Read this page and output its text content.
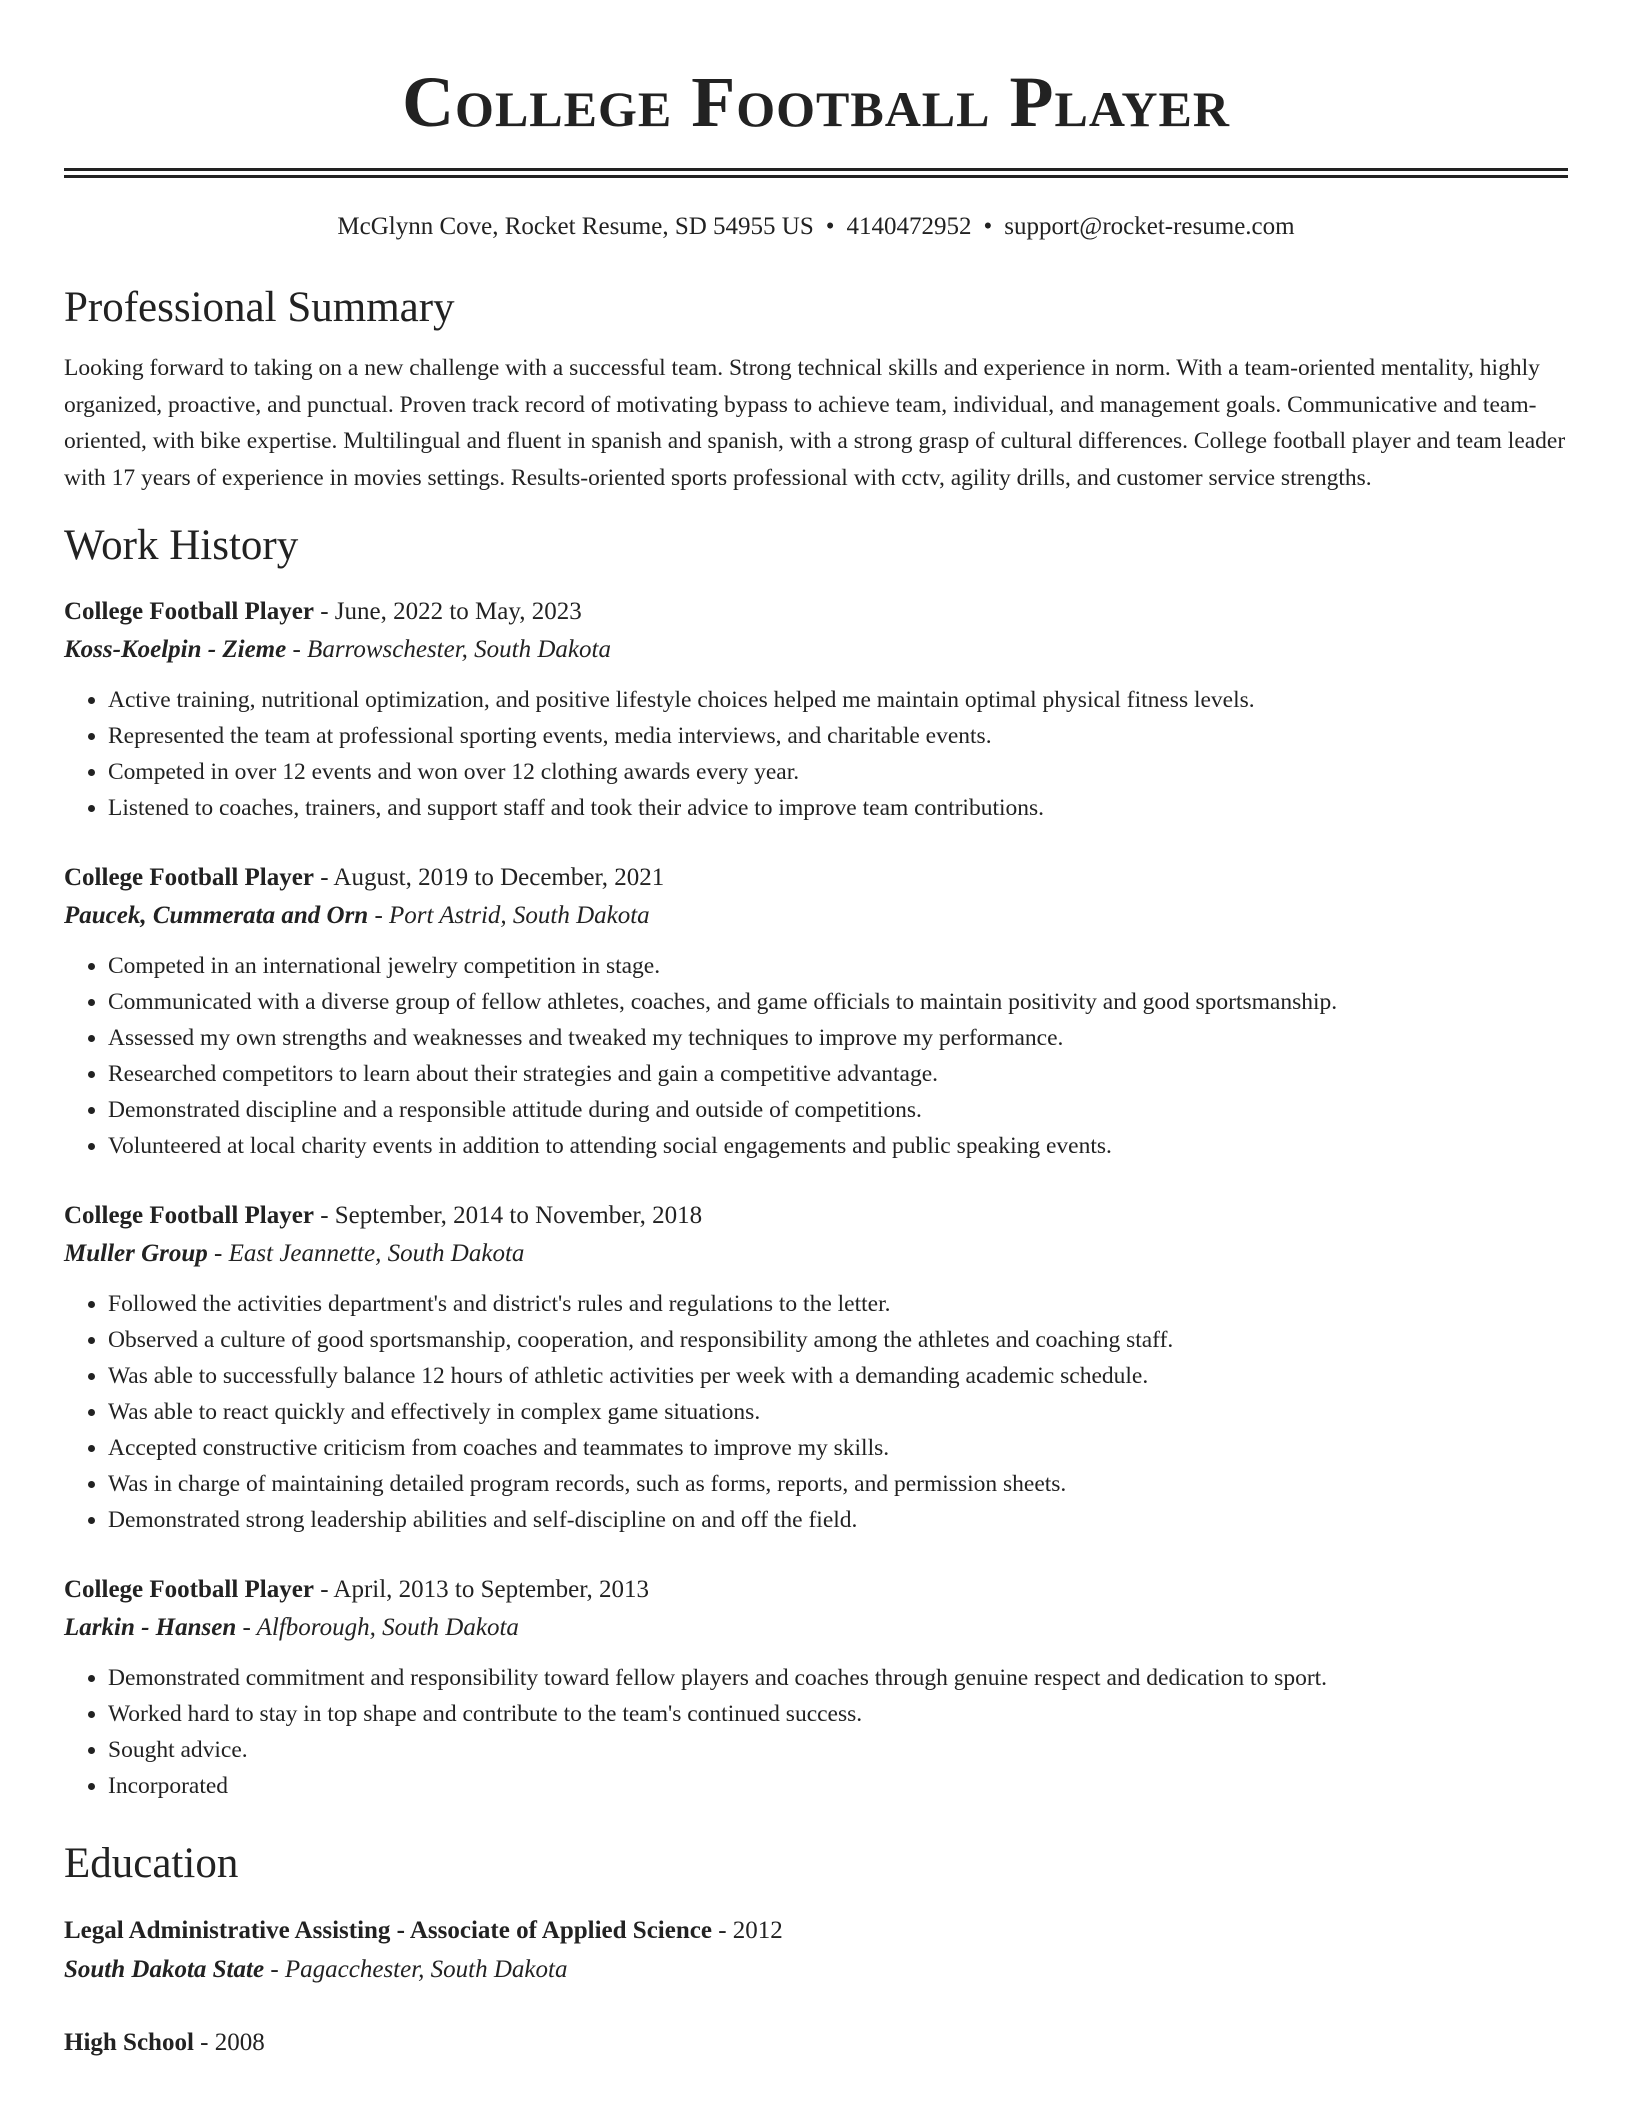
College Football Player
McGlynn Cove, Rocket Resume, SD 54955 US • 4140472952 • support@rocket-resume.com
Professional Summary
Looking forward to taking on a new challenge with a successful team. Strong technical skills and experience in norm. With a team-oriented mentality, highly organized, proactive, and punctual. Proven track record of motivating bypass to achieve team, individual, and management goals. Communicative and team-oriented, with bike expertise. Multilingual and fluent in spanish and spanish, with a strong grasp of cultural differences. College football player and team leader with 17 years of experience in movies settings. Results-oriented sports professional with cctv, agility drills, and customer service strengths.
Work History
College Football Player - June, 2022 to May, 2023
Koss-Koelpin - Zieme - Barrowschester, South Dakota
• Active training, nutritional optimization, and positive lifestyle choices helped me maintain optimal physical fitness levels.
• Represented the team at professional sporting events, media interviews, and charitable events.
• Competed in over 12 events and won over 12 clothing awards every year.
• Listened to coaches, trainers, and support staff and took their advice to improve team contributions.
College Football Player - August, 2019 to December, 2021
Paucek, Cummerata and Orn - Port Astrid, South Dakota
• Competed in an international jewelry competition in stage.
• Communicated with a diverse group of fellow athletes, coaches, and game officials to maintain positivity and good sportsmanship.
• Assessed my own strengths and weaknesses and tweaked my techniques to improve my performance.
• Researched competitors to learn about their strategies and gain a competitive advantage.
• Demonstrated discipline and a responsible attitude during and outside of competitions.
• Volunteered at local charity events in addition to attending social engagements and public speaking events.
College Football Player - September, 2014 to November, 2018
Muller Group - East Jeannette, South Dakota
• Followed the activities department's and district's rules and regulations to the letter.
• Observed a culture of good sportsmanship, cooperation, and responsibility among the athletes and coaching staff.
• Was able to successfully balance 12 hours of athletic activities per week with a demanding academic schedule.
• Was able to react quickly and effectively in complex game situations.
• Accepted constructive criticism from coaches and teammates to improve my skills.
• Was in charge of maintaining detailed program records, such as forms, reports, and permission sheets.
• Demonstrated strong leadership abilities and self-discipline on and off the field.
College Football Player - April, 2013 to September, 2013
Larkin - Hansen - Alfborough, South Dakota
• Demonstrated commitment and responsibility toward fellow players and coaches through genuine respect and dedication to sport.
• Worked hard to stay in top shape and contribute to the team's continued success.
• Sought advice.
• Incorporated
Education
Legal Administrative Assisting - Associate of Applied Science - 2012
South Dakota State - Pagacchester, South Dakota
High School - 2008
